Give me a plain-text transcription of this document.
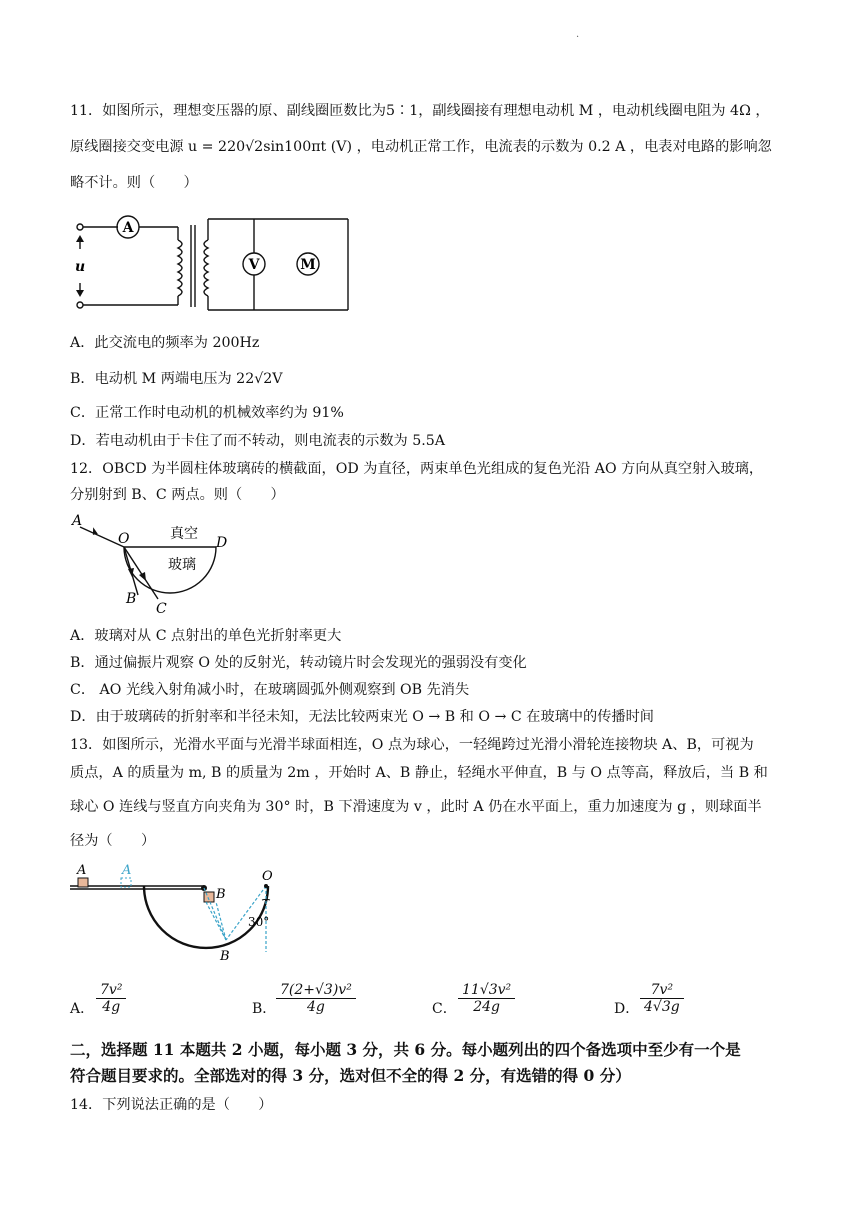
·
11．如图所示，理想变压器的原、副线圈匝数比为5∶1，副线圈接有理想电动机 M ，电动机线圈电阻为 4Ω ，
原线圈接交变电源 u = 220√2sin100πt (V) ，电动机正常工作，电流表的示数为 0.2 A ，电表对电路的影响忽
略不计。则（　　）
A
V	M
u
A．此交流电的频率为 200Hz
B．电动机 M 两端电压为 22√2V
C．正常工作时电动机的机械效率约为 91%
D．若电动机由于卡住了而不转动，则电流表的示数为 5.5A
12．OBCD 为半圆柱体玻璃砖的横截面，OD 为直径，两束单色光组成的复色光沿 AO 方向从真空射入玻璃，
分别射到 B、C 两点。则（　　）
A
O	D
B
C
真空
玻璃
A．玻璃对从 C 点射出的单色光折射率更大
B．通过偏振片观察 O 处的反射光，转动镜片时会发现光的强弱没有变化
C． AO 光线入射角减小时，在玻璃圆弧外侧观察到 OB 先消失
D．由于玻璃砖的折射率和半径未知，无法比较两束光 O → B 和 O → C 在玻璃中的传播时间
13．如图所示，光滑水平面与光滑半球面相连，O 点为球心，一轻绳跨过光滑小滑轮连接物块 A、B，可视为
质点，A 的质量为 m, B 的质量为 2m ，开始时 A、B 静止，轻绳水平伸直，B 与 O 点等高，释放后，当 B 和
球心 O 连线与竖直方向夹角为 30° 时，B 下滑速度为 v ，此时 A 仍在水平面上，重力加速度为 g ，则球面半
径为（　　）
A	A	O
B
B
30°
A． $\frac{\text{7v²}}{4g}$	B． $\frac{\text{7(2+√3)v²}}{4g}$	C． $\frac{\text{11√3v²}}{24g}$	D． $\frac{\text{7v²}}{4√3g}$
二，选择题 11 本题共 2 小题，每小题 3 分，共 6 分。每小题列出的四个备选项中至少有一个是
符合题目要求的。全部选对的得 3 分，选对但不全的得 2 分，有选错的得 0 分）
14．下列说法正确的是（　　）
